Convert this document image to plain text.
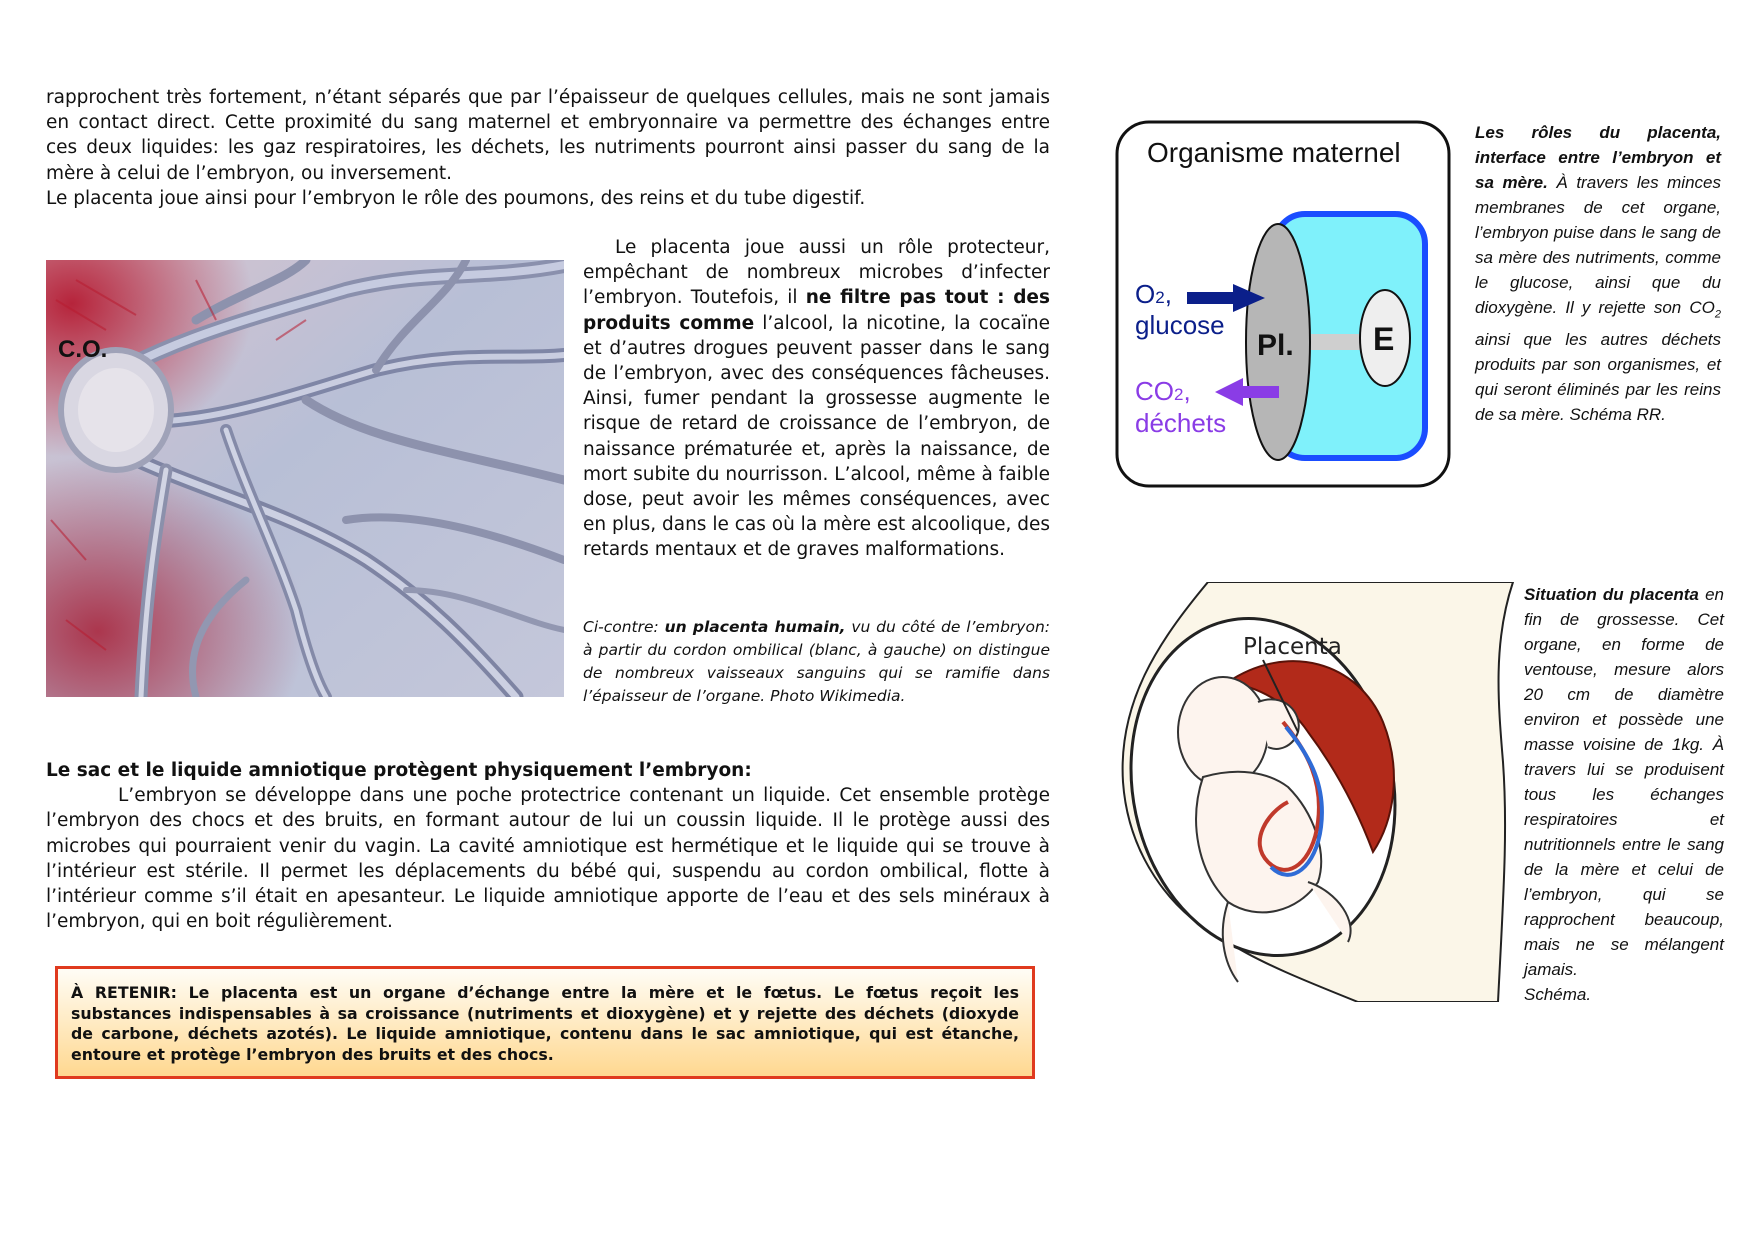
rapprochent très fortement, n’étant séparés que par l’épaisseur de quelques cellules, mais ne sont jamais
en contact direct. Cette proximité du sang maternel et embryonnaire va permettre des échanges entre
ces deux liquides: les gaz respiratoires, les déchets, les nutriments pourront ainsi passer du sang de la
mère à celui de l’embryon, ou inversement.
Le placenta joue ainsi pour l’embryon le rôle des poumons, des reins et du tube digestif.
C.O.

Le placenta joue aussi un rôle protecteur, empêchant de nombreux microbes d’infecter l’embryon. Toutefois, il ne filtre pas tout : des produits comme l’alcool, la nicotine, la cocaïne et d’autres drogues peuvent passer dans le sang de l’embryon, avec des conséquences fâcheuses. Ainsi, fumer pendant la grossesse augmente le risque de retard de croissance de l’embryon, de naissance prématurée et, après la naissance, de mort subite du nourrisson. L’alcool, même à faible dose, peut avoir les mêmes conséquences, avec en plus, dans le cas où la mère est alcoolique, des retards mentaux et de graves malformations.

Ci-contre: un placenta humain, vu du côté de l’embryon: à partir du cordon ombilical (blanc, à gauche) on distingue de nombreux vaisseaux sanguins qui se ramifie dans l’épaisseur de l’organe. Photo Wikimedia.
Le sac et le liquide amniotique protègent physiquement l’embryon:

L’embryon se développe dans une poche protectrice contenant un liquide. Cet ensemble protège l’embryon des chocs et des bruits, en formant autour de lui un coussin liquide. Il le protège aussi des microbes qui pourraient venir du vagin. La cavité amniotique est hermétique et le liquide qui se trouve à l’intérieur est stérile. Il permet les déplacements du bébé qui, suspendu au cordon ombilical, flotte à l’intérieur comme s’il était en apesanteur. Le liquide amniotique apporte de l’eau et des sels minéraux à l’embryon, qui en boit régulièrement.

À RETENIR: Le placenta est un organe d’échange entre la mère et le fœtus. Le fœtus reçoit les substances indispensables à sa croissance (nutriments et dioxygène) et y rejette des déchets (dioxyde de carbone, déchets azotés). Le liquide amniotique, contenu dans le sac amniotique, qui est étanche, entoure et protège l’embryon des bruits et des chocs.
Organisme maternel
Pl. E
O2,
glucose
CO2,
déchets
Les rôles du placenta, interface entre l’embryon et sa mère. À travers les minces membranes de cet organe, l’embryon puise dans le sang de sa mère des nutriments, comme le glucose, ainsi que du dioxygène. Il y rejette son $CO_2$ ainsi que les autres déchets produits par son organismes, et qui seront éliminés par les reins de sa mère. Schéma RR.
Placenta
Situation du placenta en fin de grossesse. Cet organe, en forme de ventouse, mesure alors 20 cm de diamètre environ et possède une masse voisine de 1kg. À travers lui se produisent tous les échanges respiratoires et nutritionnels entre le sang de la mère et celui de l’embryon, qui se rapprochent beaucoup, mais ne se mélangent jamais.
Schéma.
